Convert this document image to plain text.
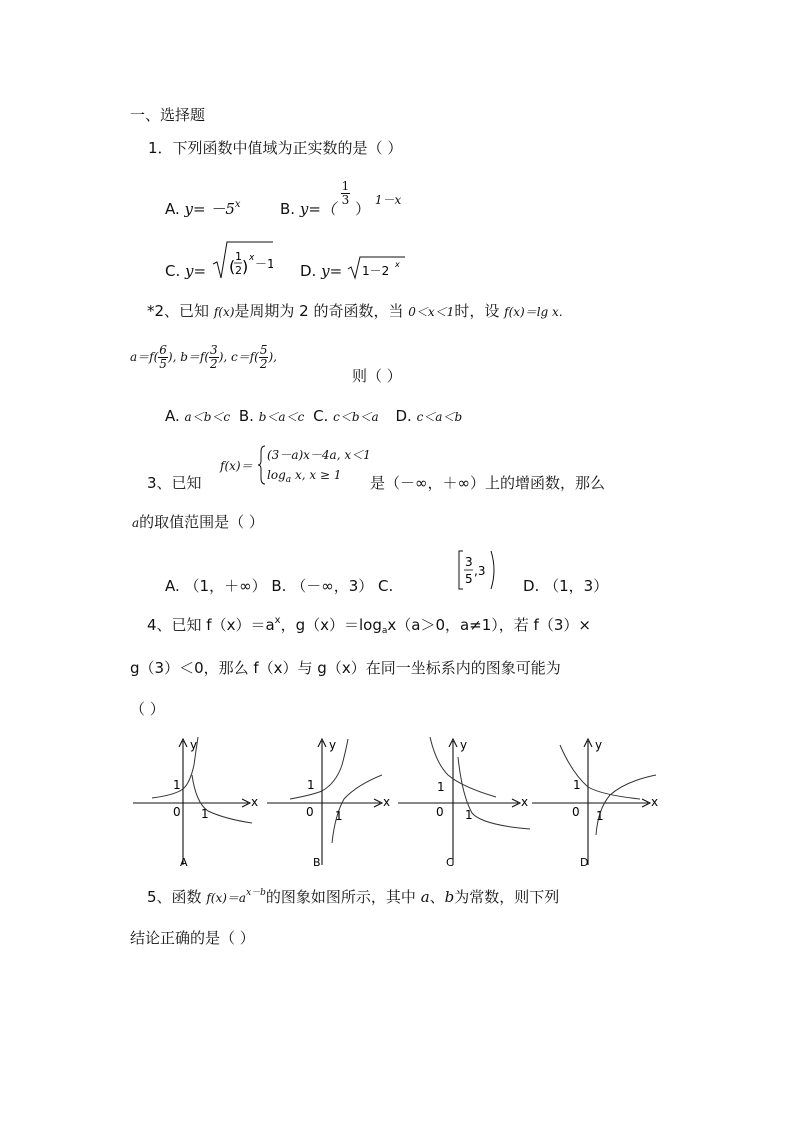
一、选择题
1．下列函数中值域为正实数的是（ ）
A. $y= -5^x$	B. y=（
$\frac{1}{3}$
） $_{1-x}$
C. y= (
1
2 ) x －1 D. y= 1－2 x
*2、已知 f(x)是周期为 2 的奇函数，当 0＜x＜1时，设 f(x)＝lg x.
$a=f( \frac{6}{5}$ ), $b=f( \frac{3}{2}$ ), $c=f( \frac{5}{2}$ ),
则（ ）
A. a＜b＜c B. b＜a＜c C. c＜b＜a D. c＜a＜b
3、已知
f(x)＝
(3－a)x－4a, x＜1
$\log_a x$, x ≥ 1 是（－∞，＋∞）上的增函数，那么
a的取值范围是（ ）
A. （1，＋∞） B. （－∞，3） C.
3
5
,3
D. （1，3）
4、已知 $f(x)=a^x$，$g(x)=\log_ax(a>0$，a≠1），若 f（3）×
g（3）＜0，那么 f（x）与 g（x）在同一坐标系内的图象可能为
（ ）
y
x
0
1
1
A
y
x
0
1
1
B
y
x
0
1
1
C
y
x
0
1
1
D
5、函数 $f(x)=a^{x-b}$的图象如图所示，其中 a、b为常数，则下列
结论正确的是（ ）
